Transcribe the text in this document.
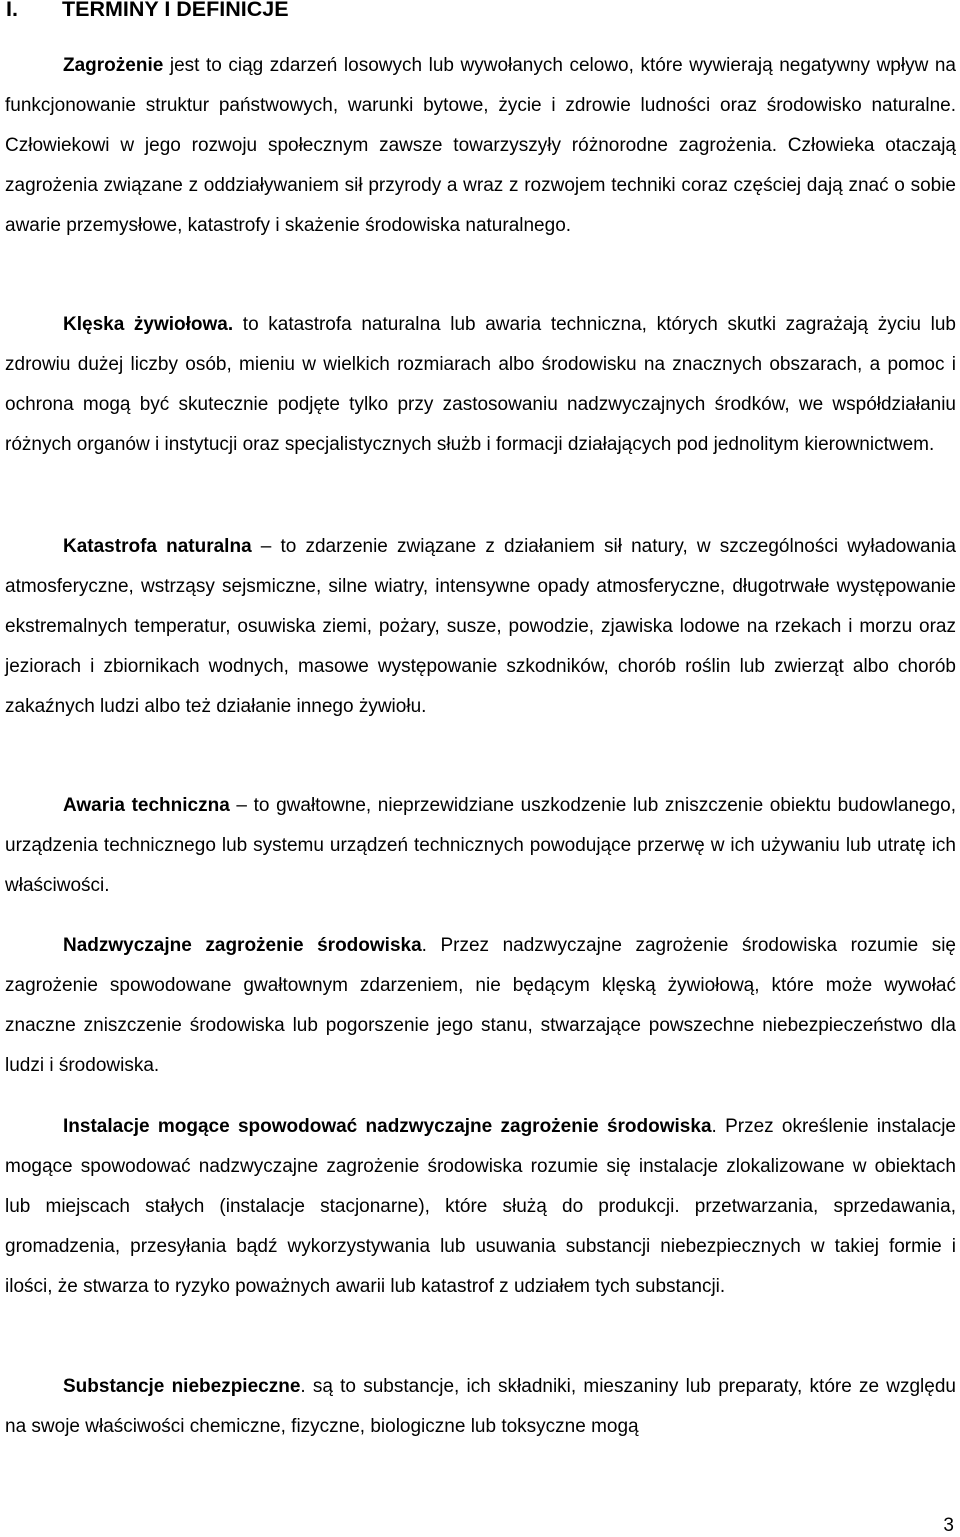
I. TERMINY I DEFINICJE

Zagrożenie jest to ciąg zdarzeń losowych lub wywołanych celowo, które wywierają negatywny wpływ na funkcjonowanie struktur państwowych, warunki bytowe, życie i zdrowie ludności oraz środowisko naturalne. Człowiekowi w jego rozwoju społecznym zawsze towarzyszyły różnorodne zagrożenia. Człowieka otaczają zagrożenia związane z oddziaływaniem sił przyrody a wraz z rozwojem techniki coraz częściej dają znać o sobie awarie przemysłowe, katastrofy i skażenie środowiska naturalnego.

Klęska żywiołowa. to katastrofa naturalna lub awaria techniczna, których skutki zagrażają życiu lub zdrowiu dużej liczby osób, mieniu w wielkich rozmiarach albo środowisku na znacznych obszarach, a pomoc i ochrona mogą być skutecznie podjęte tylko przy zastosowaniu nadzwyczajnych środków, we współdziałaniu różnych organów i instytucji oraz specjalistycznych służb i formacji działających pod jednolitym kierownictwem.

Katastrofa naturalna – to zdarzenie związane z działaniem sił natury, w szczególności wyładowania atmosferyczne, wstrząsy sejsmiczne, silne wiatry, intensywne opady atmosferyczne, długotrwałe występowanie ekstremalnych temperatur, osuwiska ziemi, pożary, susze, powodzie, zjawiska lodowe na rzekach i morzu oraz jeziorach i zbiornikach wodnych, masowe występowanie szkodników, chorób roślin lub zwierząt albo chorób zakaźnych ludzi albo też działanie innego żywiołu.

Awaria techniczna – to gwałtowne, nieprzewidziane uszkodzenie lub zniszczenie obiektu budowlanego, urządzenia technicznego lub systemu urządzeń technicznych powodujące przerwę w ich używaniu lub utratę ich właściwości.

Nadzwyczajne zagrożenie środowiska. Przez nadzwyczajne zagrożenie środowiska rozumie się zagrożenie spowodowane gwałtownym zdarzeniem, nie będącym klęską żywiołową, które może wywołać znaczne zniszczenie środowiska lub pogorszenie jego stanu, stwarzające powszechne niebezpieczeństwo dla ludzi i środowiska.

Instalacje mogące spowodować nadzwyczajne zagrożenie środowiska. Przez określenie instalacje mogące spowodować nadzwyczajne zagrożenie środowiska rozumie się instalacje zlokalizowane w obiektach lub miejscach stałych (instalacje stacjonarne), które służą do produkcji. przetwarzania, sprzedawania, gromadzenia, przesyłania bądź wykorzystywania lub usuwania substancji niebezpiecznych w takiej formie i ilości, że stwarza to ryzyko poważnych awarii lub katastrof z udziałem tych substancji.

Substancje niebezpieczne. są to substancje, ich składniki, mieszaniny lub preparaty, które ze względu na swoje właściwości chemiczne, fizyczne, biologiczne lub toksyczne mogą

3
